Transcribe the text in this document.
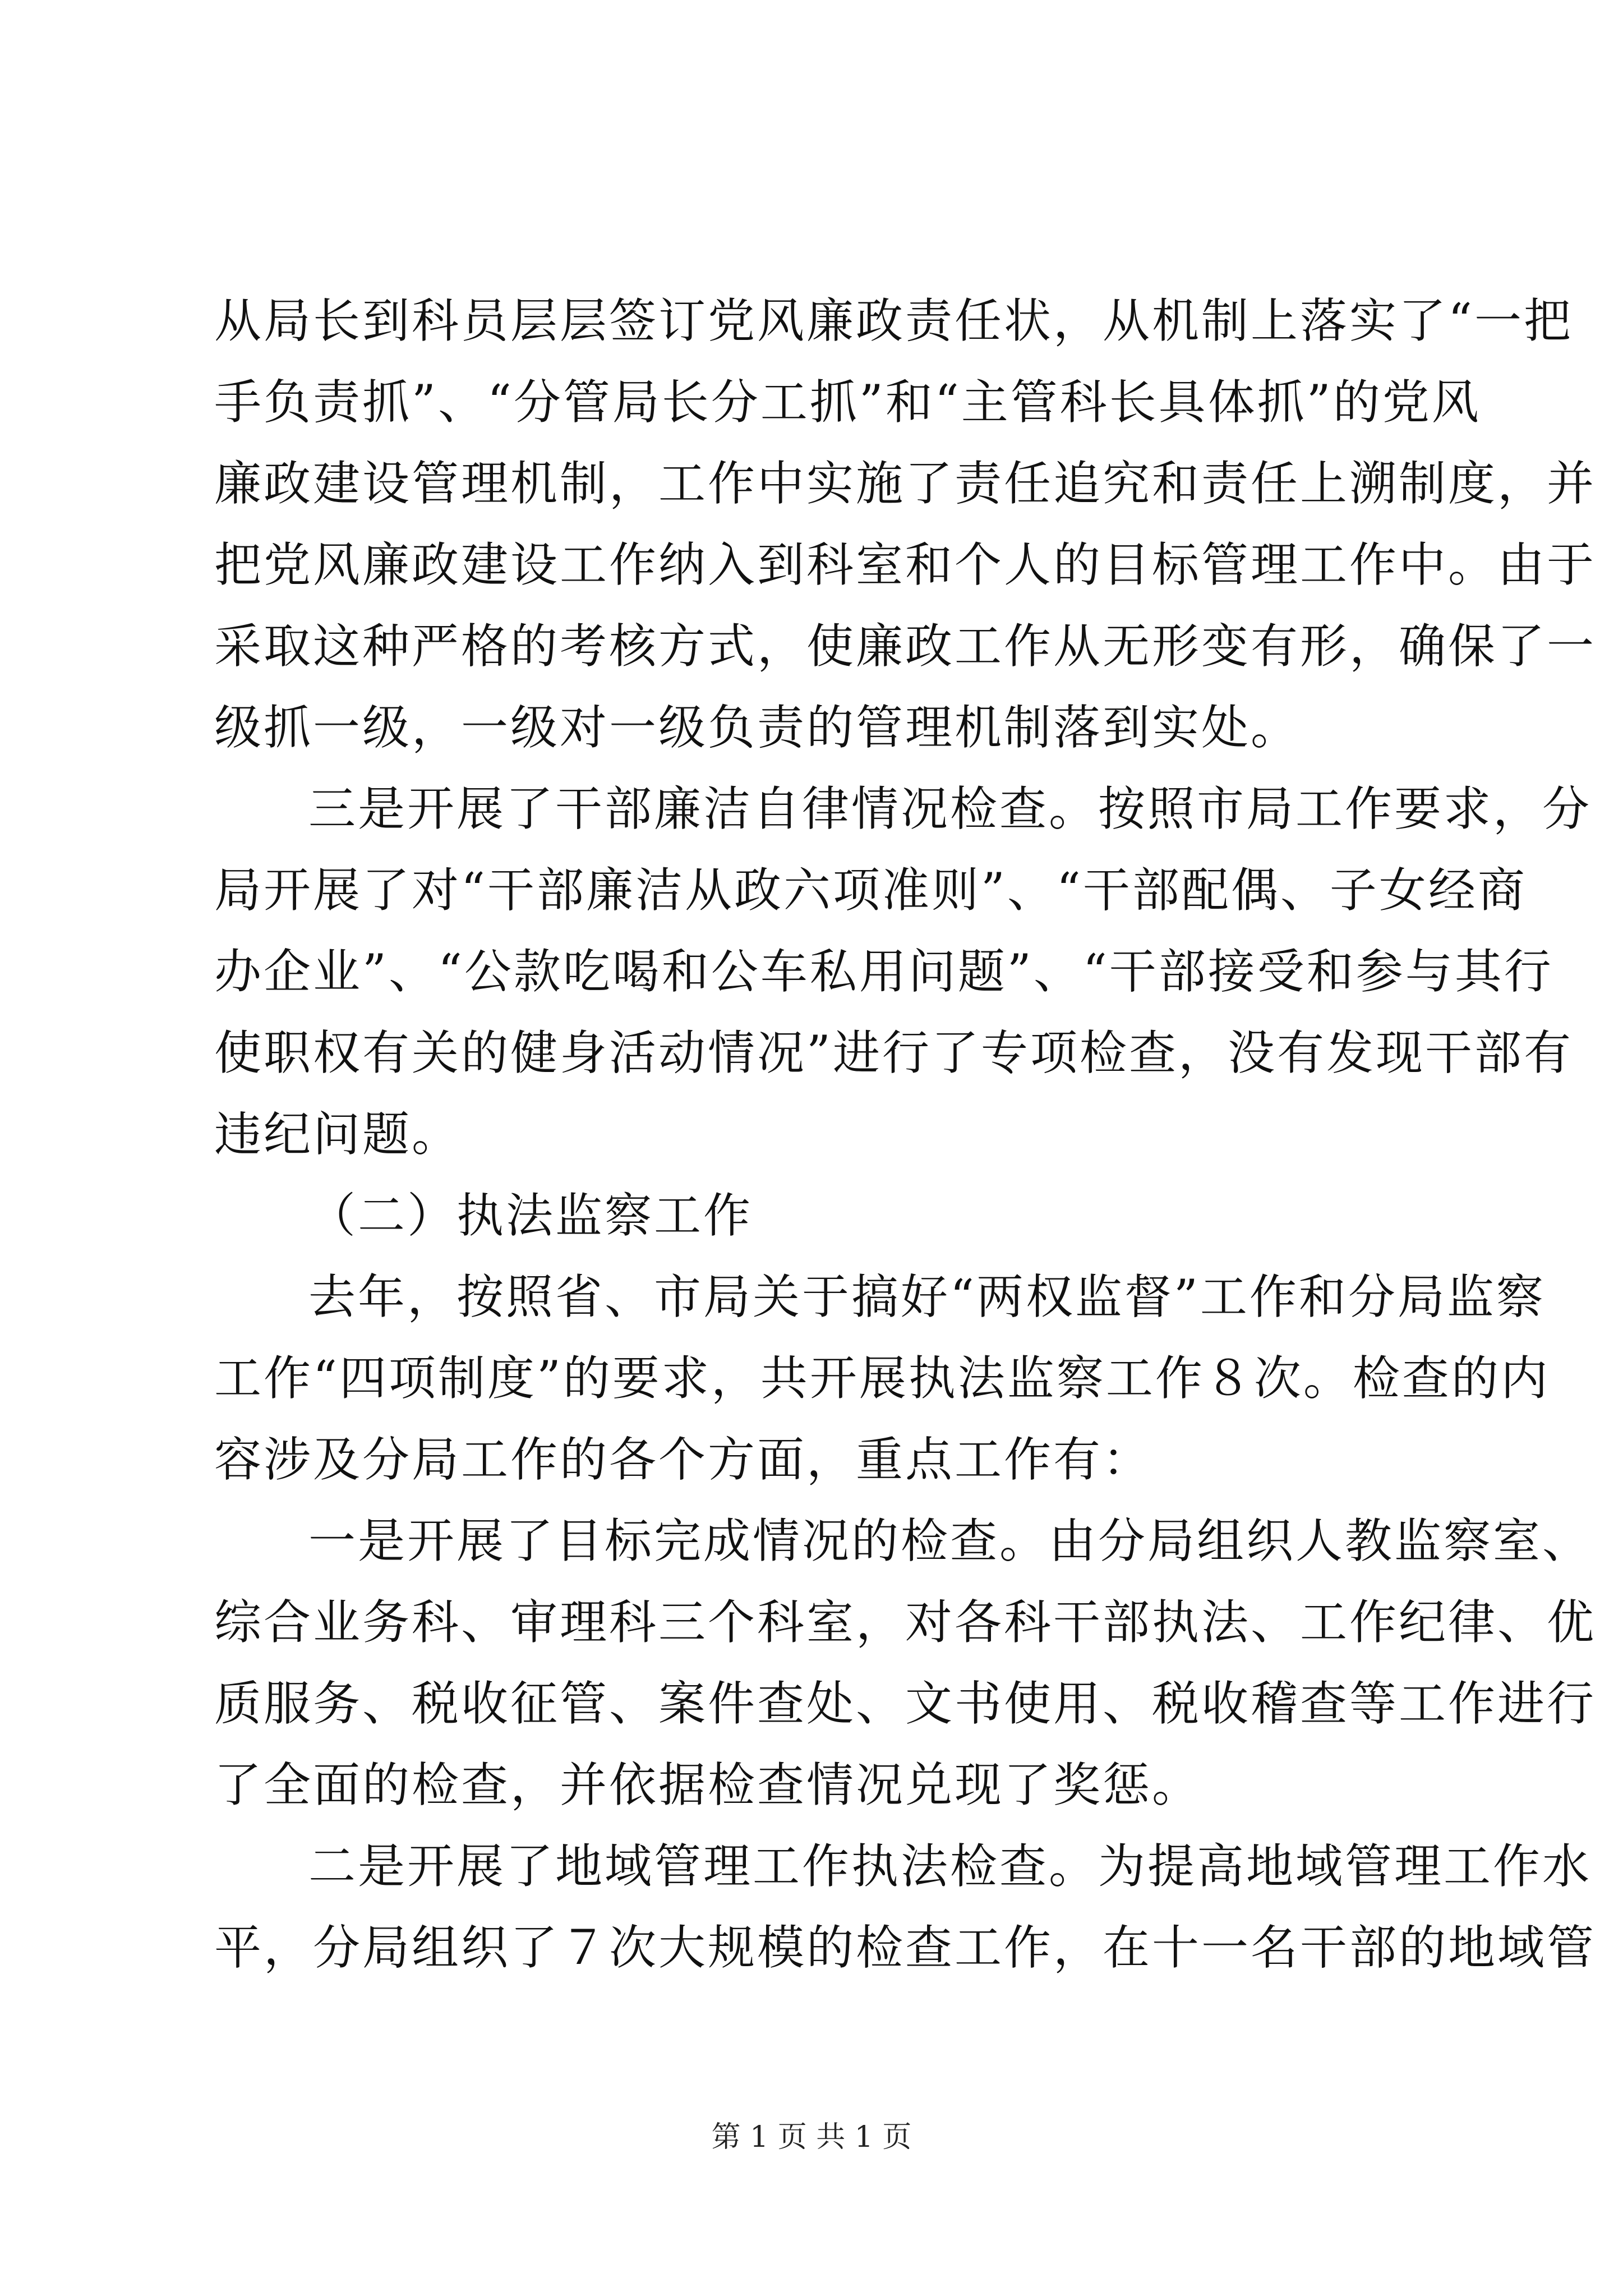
从局长到科员层层签订党风廉政责任状，从机制上落实了“一把
手负责抓”、“分管局长分工抓”和“主管科长具体抓”的党风
廉政建设管理机制，工作中实施了责任追究和责任上溯制度，并
把党风廉政建设工作纳入到科室和个人的目标管理工作中。由于
采取这种严格的考核方式，使廉政工作从无形变有形，确保了一
级抓一级，一级对一级负责的管理机制落到实处。
三是开展了干部廉洁自律情况检查。按照市局工作要求，分
局开展了对“干部廉洁从政六项准则”、“干部配偶、子女经商
办企业”、“公款吃喝和公车私用问题”、“干部接受和参与其行
使职权有关的健身活动情况”进行了专项检查，没有发现干部有
违纪问题。
（二）执法监察工作
去年，按照省、市局关于搞好“两权监督”工作和分局监察
工作“四项制度”的要求，共开展执法监察工作８次。检查的内
容涉及分局工作的各个方面，重点工作有：
一是开展了目标完成情况的检查。由分局组织人教监察室、
综合业务科、审理科三个科室，对各科干部执法、工作纪律、优
质服务、税收征管、案件查处、文书使用、税收稽查等工作进行
了全面的检查，并依据检查情况兑现了奖惩。
二是开展了地域管理工作执法检查。为提高地域管理工作水
平，分局组织了７次大规模的检查工作，在十一名干部的地域管
第 1 页 共 1 页
